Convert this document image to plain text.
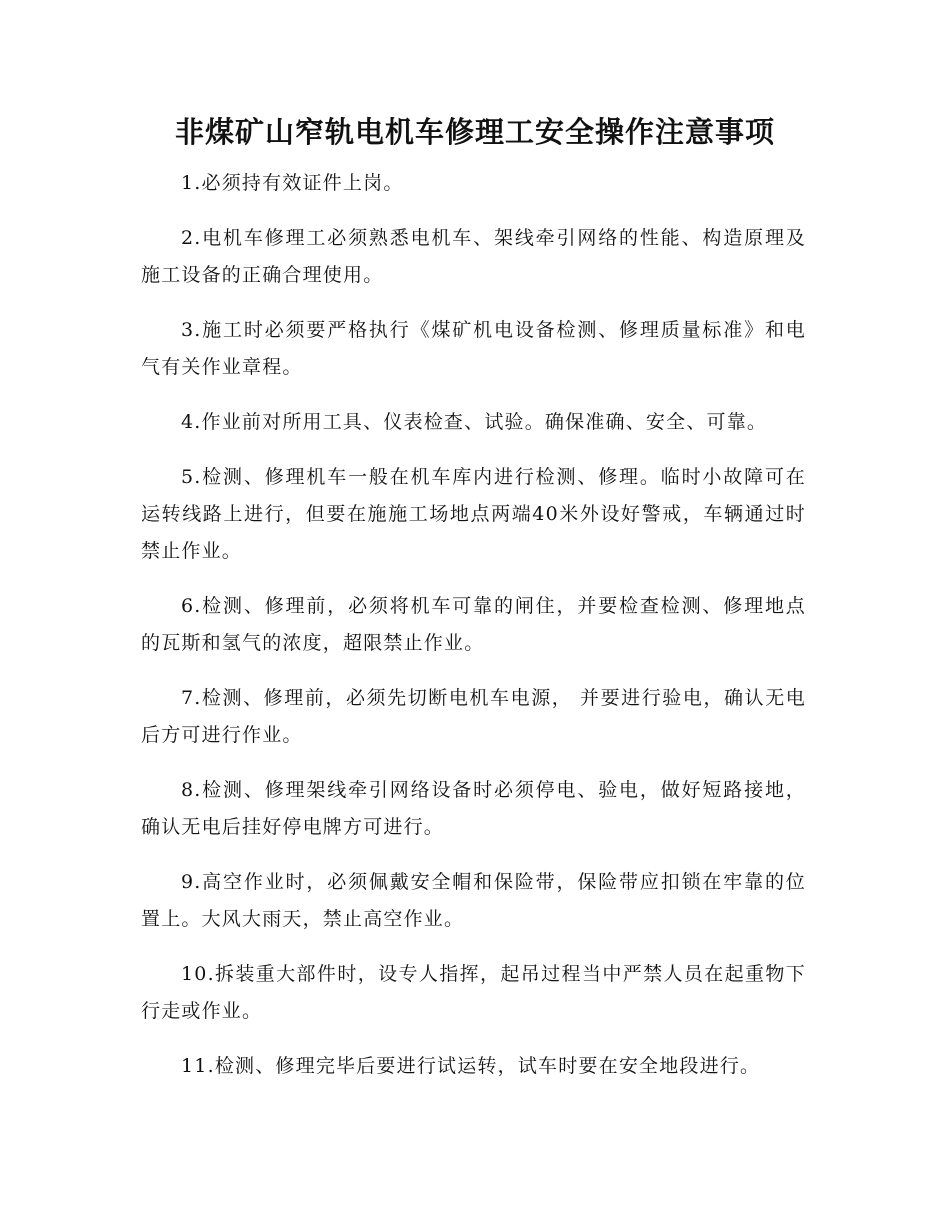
非煤矿山窄轨电机车修理工安全操作注意事项

1.必须持有效证件上岗。

2.电机车修理工必须熟悉电机车、架线牵引网络的性能、构造原理及施工设备的正确合理使用。

3.施工时必须要严格执行《煤矿机电设备检测、修理质量标准》和电气有关作业章程。

4.作业前对所用工具、仪表检查、试验。确保准确、安全、可靠。

5.检测、修理机车一般在机车库内进行检测、修理。临时小故障可在运转线路上进行，但要在施施工场地点两端40米外设好警戒，车辆通过时禁止作业。

6.检测、修理前，必须将机车可靠的闸住，并要检查检测、修理地点的瓦斯和氢气的浓度，超限禁止作业。

7.检测、修理前，必须先切断电机车电源， 并要进行验电，确认无电后方可进行作业。

8.检测、修理架线牵引网络设备时必须停电、验电，做好短路接地，确认无电后挂好停电牌方可进行。

9.高空作业时，必须佩戴安全帽和保险带，保险带应扣锁在牢靠的位置上。大风大雨天，禁止高空作业。

10.拆装重大部件时，设专人指挥，起吊过程当中严禁人员在起重物下行走或作业。

11.检测、修理完毕后要进行试运转，试车时要在安全地段进行。
